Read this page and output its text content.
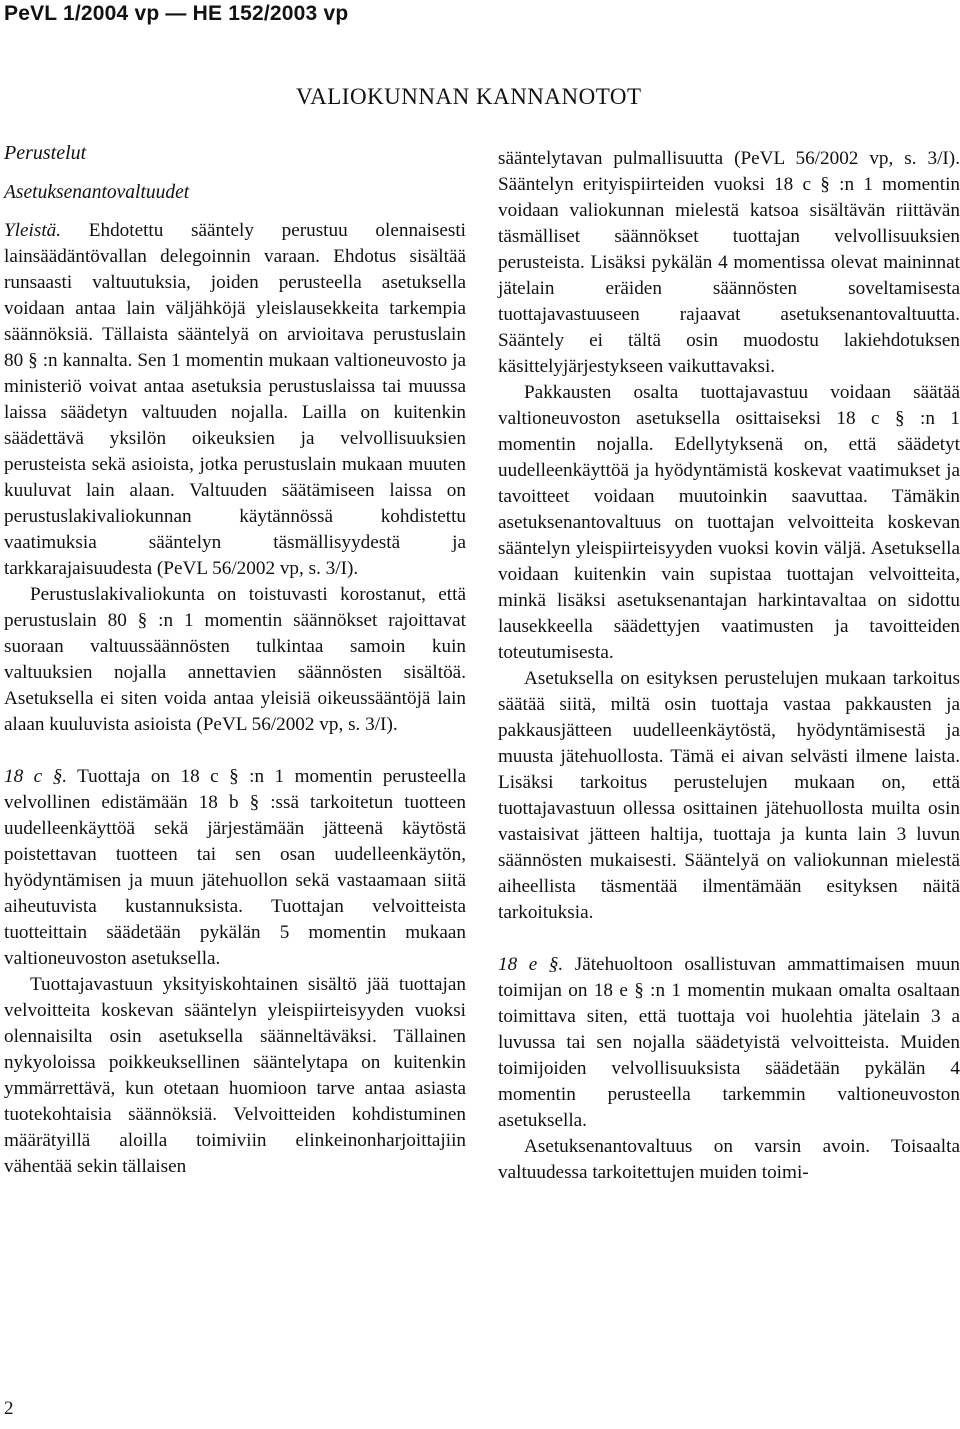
PeVL 1/2004 vp — HE 152/2003 vp
VALIOKUNNAN KANNANOTOT

Perustelut

Asetuksenantovaltuudet

Yleistä. Ehdotettu sääntely perustuu olennaisesti lainsäädäntövallan delegoinnin varaan. Ehdotus sisältää runsaasti valtuutuksia, joiden perusteella asetuksella voidaan antaa lain väljähköjä yleislausekkeita tarkempia säännöksiä. Tällaista sääntelyä on arvioitava perustuslain 80 § :n kannalta. Sen 1 momentin mukaan valtioneuvosto ja ministeriö voivat antaa asetuksia perustuslaissa tai muussa laissa säädetyn valtuuden nojalla. Lailla on kuitenkin säädettävä yksilön oikeuksien ja velvollisuuksien perusteista sekä asioista, jotka perustuslain mukaan muuten kuuluvat lain alaan. Valtuuden säätämiseen laissa on perustuslakivaliokunnan käytännössä kohdistettu vaatimuksia sääntelyn täsmällisyydestä ja tarkkarajaisuudesta (PeVL 56/2002 vp, s. 3/I).

Perustuslakivaliokunta on toistuvasti korostanut, että perustuslain 80 § :n 1 momentin säännökset rajoittavat suoraan valtuussäännösten tulkintaa samoin kuin valtuuksien nojalla annettavien säännösten sisältöä. Asetuksella ei siten voida antaa yleisiä oikeussääntöjä lain alaan kuuluvista asioista (PeVL 56/2002 vp, s. 3/I).

18 c §. Tuottaja on 18 c § :n 1 momentin perusteella velvollinen edistämään 18 b § :ssä tarkoitetun tuotteen uudelleenkäyttöä sekä järjestämään jätteenä käytöstä poistettavan tuotteen tai sen osan uudelleenkäytön, hyödyntämisen ja muun jätehuollon sekä vastaamaan siitä aiheutuvista kustannuksista. Tuottajan velvoitteista tuotteittain säädetään pykälän 5 momentin mukaan valtioneuvoston asetuksella.

Tuottajavastuun yksityiskohtainen sisältö jää tuottajan velvoitteita koskevan sääntelyn yleispiirteisyyden vuoksi olennaisilta osin asetuksella säänneltäväksi. Tällainen nykyoloissa poikkeuksellinen sääntelytapa on kuitenkin ymmärrettävä, kun otetaan huomioon tarve antaa asiasta tuotekohtaisia säännöksiä. Velvoitteiden kohdistuminen määrätyillä aloilla toimiviin elinkeinonharjoittajiin vähentää sekin tällaisen

sääntelytavan pulmallisuutta (PeVL 56/2002 vp, s. 3/I). Sääntelyn erityispiirteiden vuoksi 18 c § :n 1 momentin voidaan valiokunnan mielestä katsoa sisältävän riittävän täsmälliset säännökset tuottajan velvollisuuksien perusteista. Lisäksi pykälän 4 momentissa olevat maininnat jätelain eräiden säännösten soveltamisesta tuottajavastuuseen rajaavat asetuksenantovaltuutta. Sääntely ei tältä osin muodostu lakiehdotuksen käsittelyjärjestykseen vaikuttavaksi.

Pakkausten osalta tuottajavastuu voidaan säätää valtioneuvoston asetuksella osittaiseksi 18 c § :n 1 momentin nojalla. Edellytyksenä on, että säädetyt uudelleenkäyttöä ja hyödyntämistä koskevat vaatimukset ja tavoitteet voidaan muutoinkin saavuttaa. Tämäkin asetuksenantovaltuus on tuottajan velvoitteita koskevan sääntelyn yleispiirteisyyden vuoksi kovin väljä. Asetuksella voidaan kuitenkin vain supistaa tuottajan velvoitteita, minkä lisäksi asetuksenantajan harkintavaltaa on sidottu lausekkeella säädettyjen vaatimusten ja tavoitteiden toteutumisesta.

Asetuksella on esityksen perustelujen mukaan tarkoitus säätää siitä, miltä osin tuottaja vastaa pakkausten ja pakkausjätteen uudelleenkäytöstä, hyödyntämisestä ja muusta jätehuollosta. Tämä ei aivan selvästi ilmene laista. Lisäksi tarkoitus perustelujen mukaan on, että tuottajavastuun ollessa osittainen jätehuollosta muilta osin vastaisivat jätteen haltija, tuottaja ja kunta lain 3 luvun säännösten mukaisesti. Sääntelyä on valiokunnan mielestä aiheellista täsmentää ilmentämään esityksen näitä tarkoituksia.

18 e §. Jätehuoltoon osallistuvan ammattimaisen muun toimijan on 18 e § :n 1 momentin mukaan omalta osaltaan toimittava siten, että tuottaja voi huolehtia jätelain 3 a luvussa tai sen nojalla säädetyistä velvoitteista. Muiden toimijoiden velvollisuuksista säädetään pykälän 4 momentin perusteella tarkemmin valtioneuvoston asetuksella.

Asetuksenantovaltuus on varsin avoin. Toisaalta valtuudessa tarkoitettujen muiden toimi-

2
